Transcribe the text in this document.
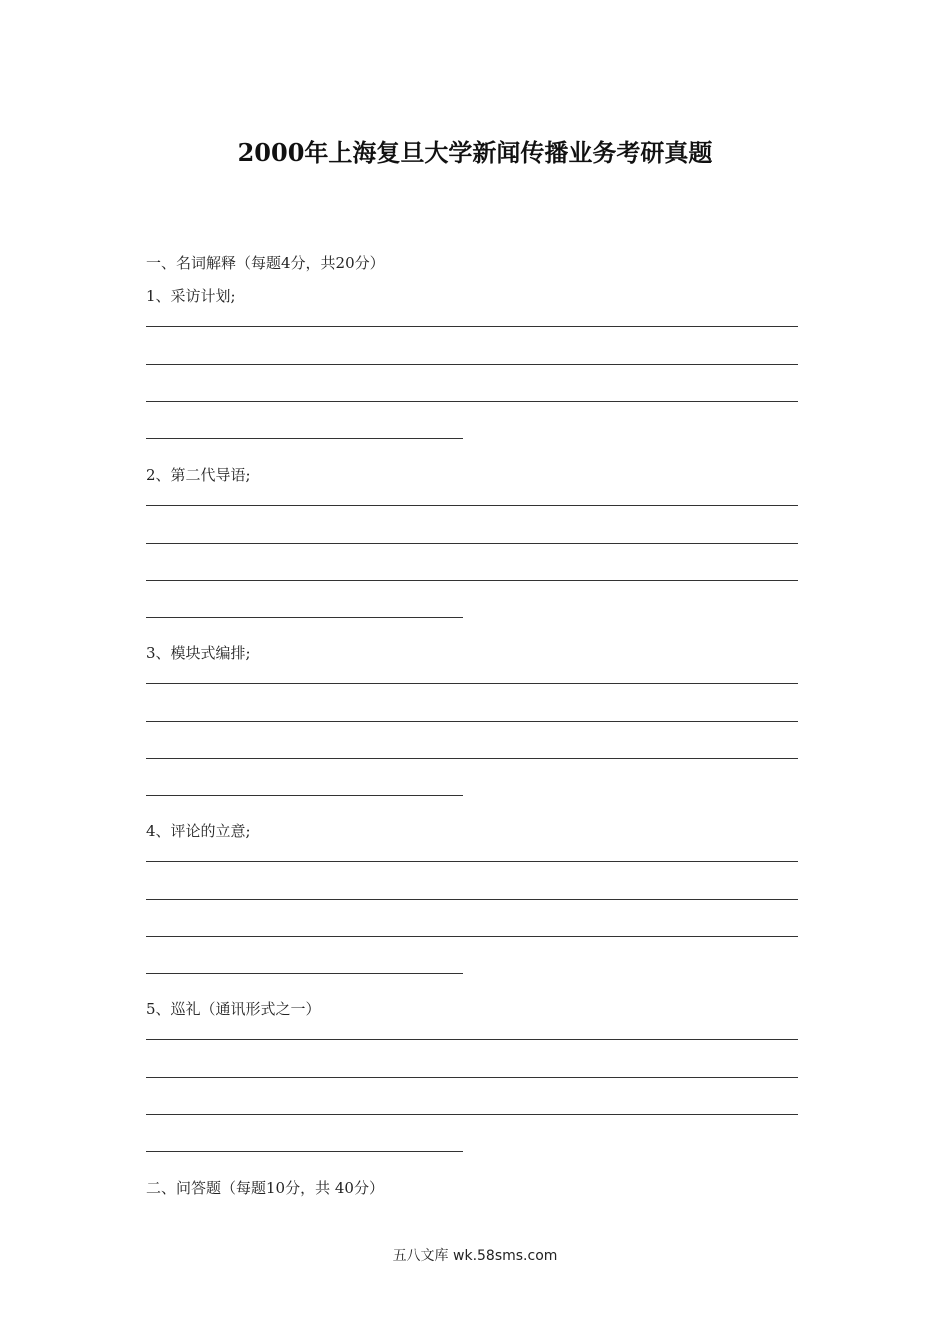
2000年上海复旦大学新闻传播业务考研真题
一、名词解释（每题4分，共20分）
1、采访计划;
2、第二代导语;
3、模块式编排;
4、评论的立意;
5、巡礼（通讯形式之一）
二、问答题（每题10分，共 40分）
五八文库 wk.58sms.com
